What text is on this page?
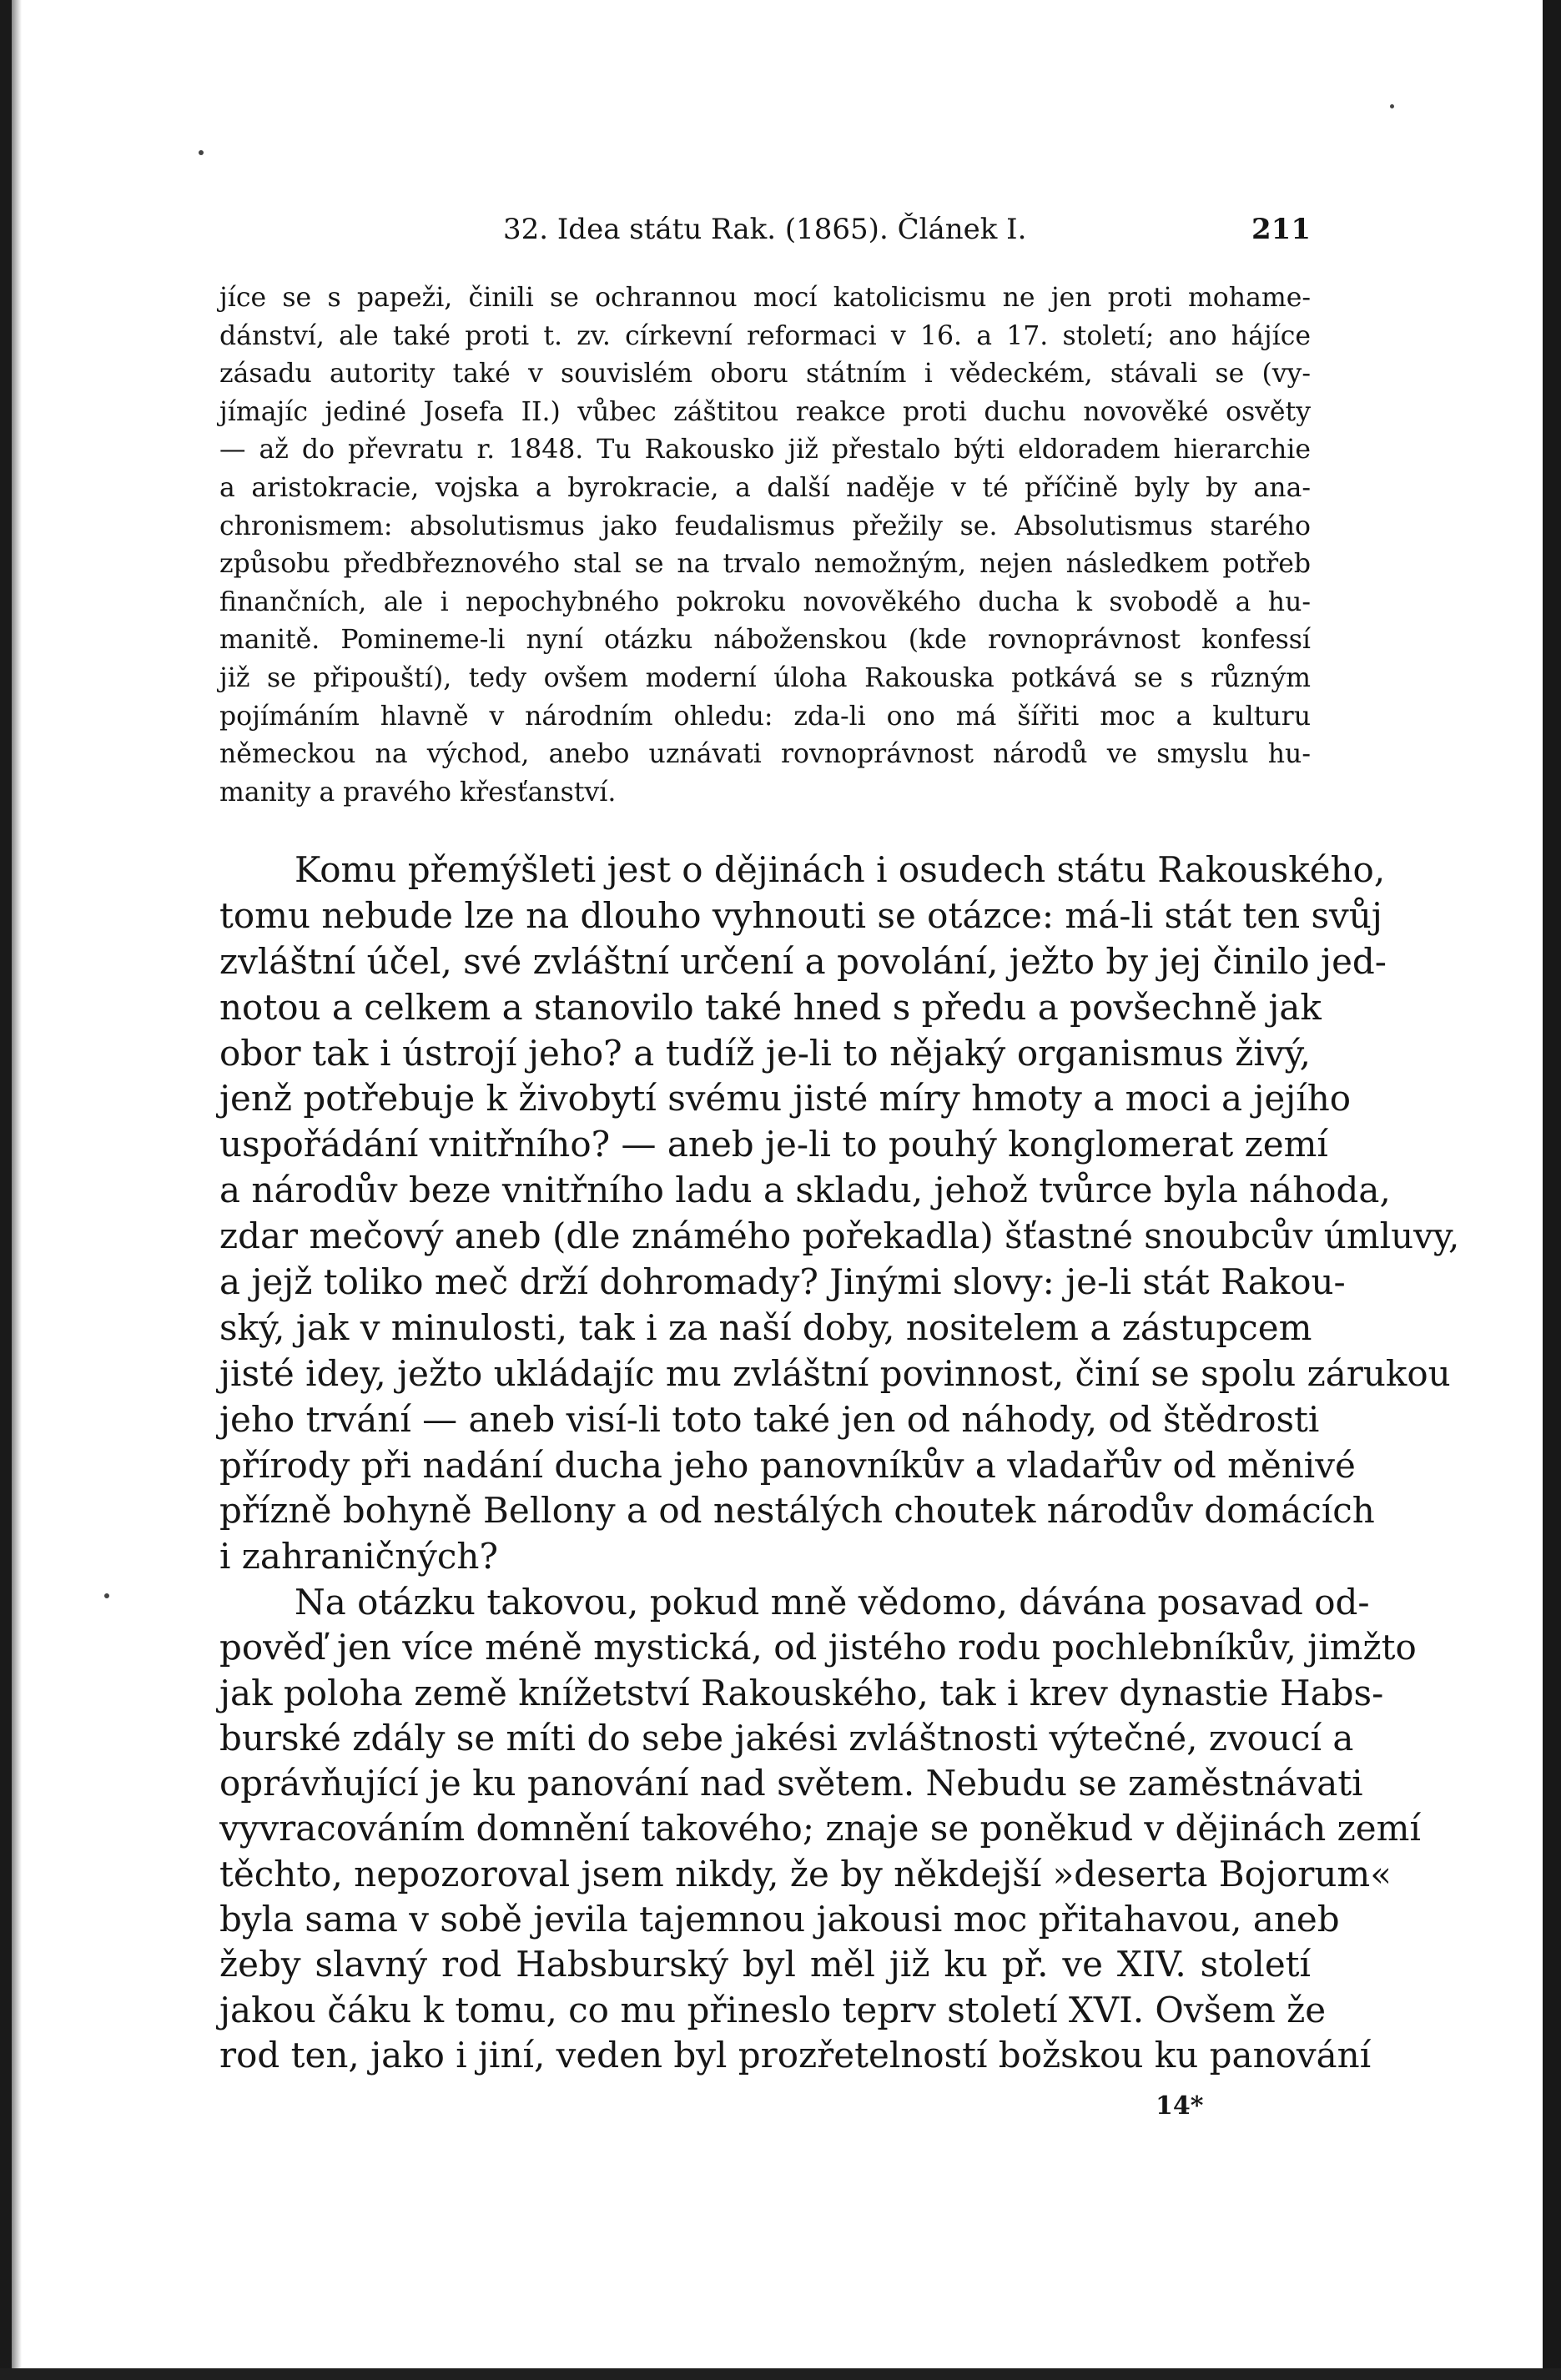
32. Idea státu Rak. (1865). Článek I.	211
jíce se s papeži, činili se ochrannou mocí katolicismu ne jen proti mohame-
dánství, ale také proti t. zv. církevní reformaci v 16. a 17. století; ano hájíce
zásadu autority také v souvislém oboru státním i vědeckém, stávali se (vy-
jímajíc jediné Josefa II.) vůbec záštitou reakce proti duchu novověké osvěty
— až do převratu r. 1848. Tu Rakousko již přestalo býti eldoradem hierarchie
a aristokracie, vojska a byrokracie, a další naděje v té příčině byly by ana-
chronismem: absolutismus jako feudalismus přežily se. Absolutismus starého
způsobu předbřeznového stal se na trvalo nemožným, nejen následkem potřeb
finančních, ale i nepochybného pokroku novověkého ducha k svobodě a hu-
manitě. Pomineme-li nyní otázku náboženskou (kde rovnoprávnost konfessí
již se připouští), tedy ovšem moderní úloha Rakouska potkává se s různým
pojímáním hlavně v národním ohledu: zda-li ono má šířiti moc a kulturu
německou na východ, anebo uznávati rovnoprávnost národů ve smyslu hu-
manity a pravého křesťanství.
Komu přemýšleti jest o dějinách i osudech státu Rakouského,
tomu nebude lze na dlouho vyhnouti se otázce: má-li stát ten svůj
zvláštní účel, své zvláštní určení a povolání, ježto by jej činilo jed-
notou a celkem a stanovilo také hned s předu a povšechně jak
obor tak i ústrojí jeho? a tudíž je-li to nějaký organismus živý,
jenž potřebuje k živobytí svému jisté míry hmoty a moci a jejího
uspořádání vnitřního? — aneb je-li to pouhý konglomerat zemí
a národův beze vnitřního ladu a skladu, jehož tvůrce byla náhoda,
zdar mečový aneb (dle známého pořekadla) šťastné snoubcův úmluvy,
a jejž toliko meč drží dohromady? Jinými slovy: je-li stát Rakou-
ský, jak v minulosti, tak i za naší doby, nositelem a zástupcem
jisté idey, ježto ukládajíc mu zvláštní povinnost, činí se spolu zárukou
jeho trvání — aneb visí-li toto také jen od náhody, od štědrosti
přírody při nadání ducha jeho panovníkův a vladařův od měnivé
přízně bohyně Bellony a od nestálých choutek národův domácích
i zahraničných?
Na otázku takovou, pokud mně vědomo, dávána posavad od-
pověď jen více méně mystická, od jistého rodu pochlebníkův, jimžto
jak poloha země knížetství Rakouského, tak i krev dynastie Habs-
burské zdály se míti do sebe jakési zvláštnosti výtečné, zvoucí a
oprávňující je ku panování nad světem. Nebudu se zaměstnávati
vyvracováním domnění takového; znaje se poněkud v dějinách zemí
těchto, nepozoroval jsem nikdy, že by někdejší »deserta Bojorum«
byla sama v sobě jevila tajemnou jakousi moc přitahavou, aneb
žeby slavný rod Habsburský byl měl již ku př. ve XIV. století
jakou čáku k tomu, co mu přineslo teprv století XVI. Ovšem že
rod ten, jako i jiní, veden byl prozřetelností božskou ku panování
14*
